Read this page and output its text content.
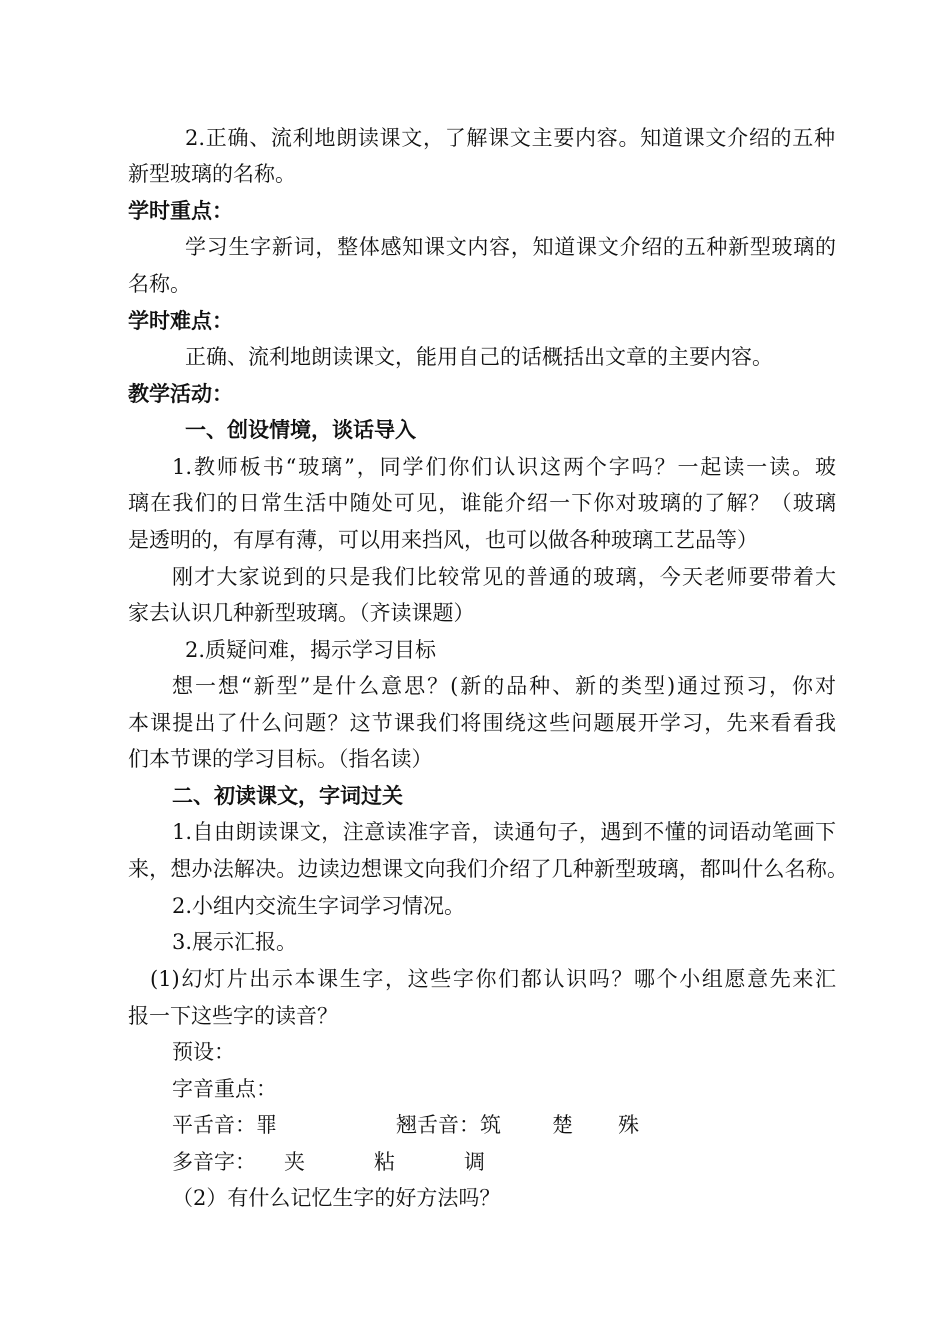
2.正确、流利地朗读课文，了解课文主要内容。知道课文介绍的五种
新型玻璃的名称。
学时重点：
学习生字新词，整体感知课文内容，知道课文介绍的五种新型玻璃的
名称。
学时难点：
正确、流利地朗读课文，能用自己的话概括出文章的主要内容。
教学活动：
一、创设情境，谈话导入
1.教师板书“玻璃”，同学们你们认识这两个字吗？一起读一读。玻
璃在我们的日常生活中随处可见，谁能介绍一下你对玻璃的了解？（玻璃
是透明的，有厚有薄，可以用来挡风，也可以做各种玻璃工艺品等）
刚才大家说到的只是我们比较常见的普通的玻璃，今天老师要带着大
家去认识几种新型玻璃。（齐读课题）
2.质疑问难，揭示学习目标
想一想“新型”是什么意思？(新的品种、新的类型)通过预习，你对
本课提出了什么问题？这节课我们将围绕这些问题展开学习，先来看看我
们本节课的学习目标。（指名读）
二、初读课文，字词过关
1.自由朗读课文，注意读准字音，读通句子，遇到不懂的词语动笔画下
来，想办法解决。边读边想课文向我们介绍了几种新型玻璃，都叫什么名称。
2.小组内交流生字词学习情况。
3.展示汇报。
(1)幻灯片出示本课生字，这些字你们都认识吗？哪个小组愿意先来汇
报一下这些字的读音？
预设：
字音重点：
平舌音：罪	翘舌音：筑 楚 殊
多音字： 夹	粘	调
（2）有什么记忆生字的好方法吗？
